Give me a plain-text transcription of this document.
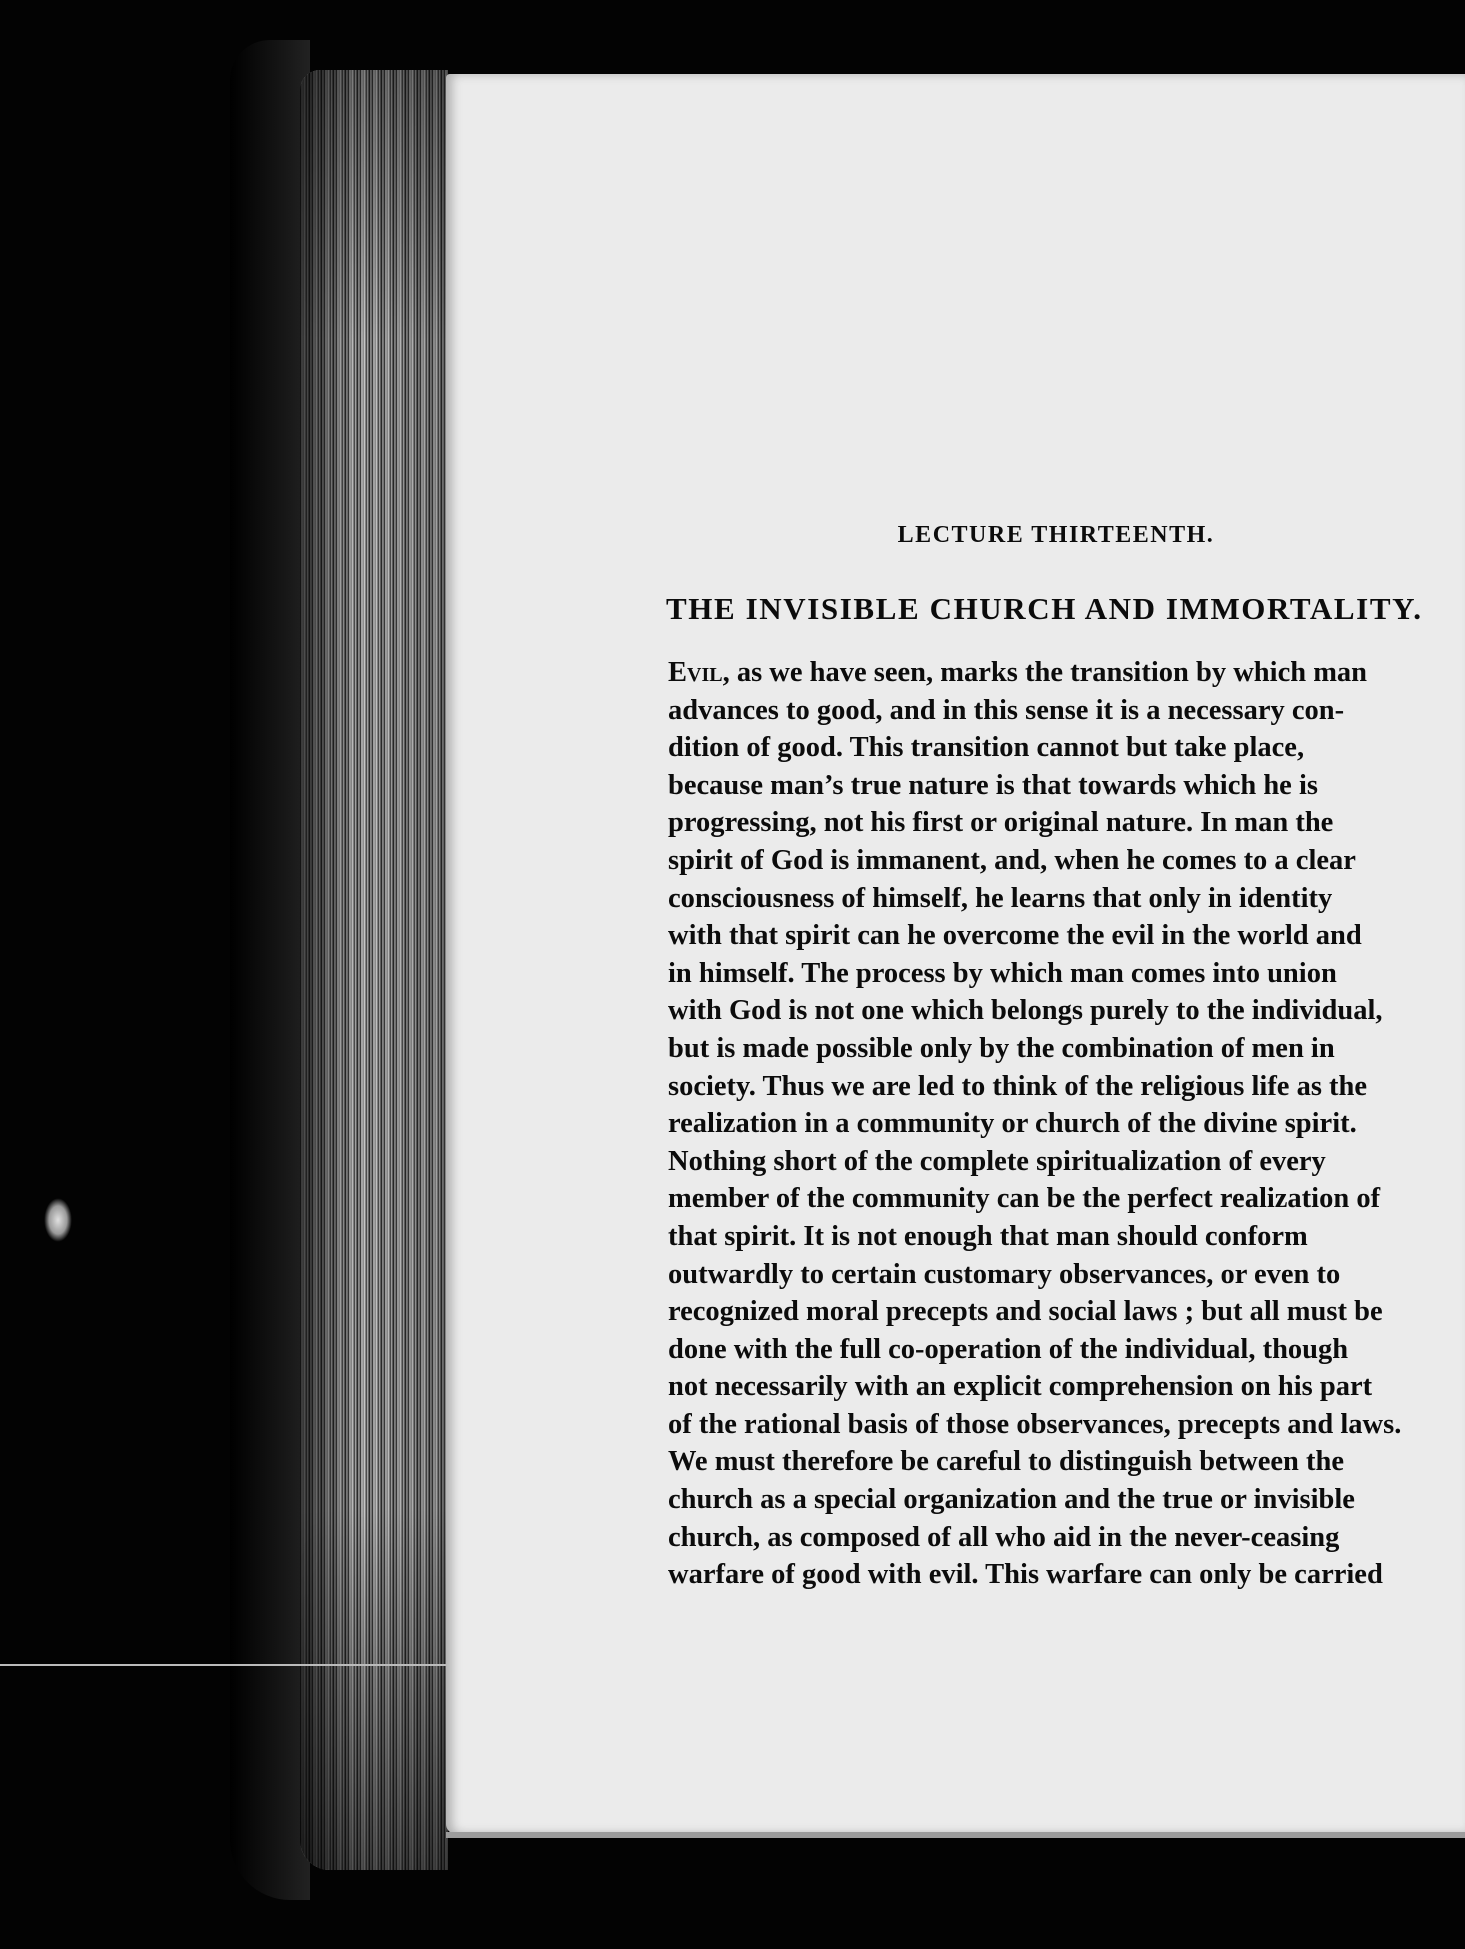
LECTURE THIRTEENTH.
THE INVISIBLE CHURCH AND IMMORTALITY.
Evil, as we have seen, marks the transition by which man
advances to good, and in this sense it is a necessary con-
dition of good. This transition cannot but take place,
because man’s true nature is that towards which he is
progressing, not his first or original nature. In man the
spirit of God is immanent, and, when he comes to a clear
consciousness of himself, he learns that only in identity
with that spirit can he overcome the evil in the world and
in himself. The process by which man comes into union
with God is not one which belongs purely to the individual,
but is made possible only by the combination of men in
society. Thus we are led to think of the religious life as the
realization in a community or church of the divine spirit.
Nothing short of the complete spiritualization of every
member of the community can be the perfect realization of
that spirit. It is not enough that man should conform
outwardly to certain customary observances, or even to
recognized moral precepts and social laws ; but all must be
done with the full co-operation of the individual, though
not necessarily with an explicit comprehension on his part
of the rational basis of those observances, precepts and laws.
We must therefore be careful to distinguish between the
church as a special organization and the true or invisible
church, as composed of all who aid in the never-ceasing
warfare of good with evil. This warfare can only be carried
